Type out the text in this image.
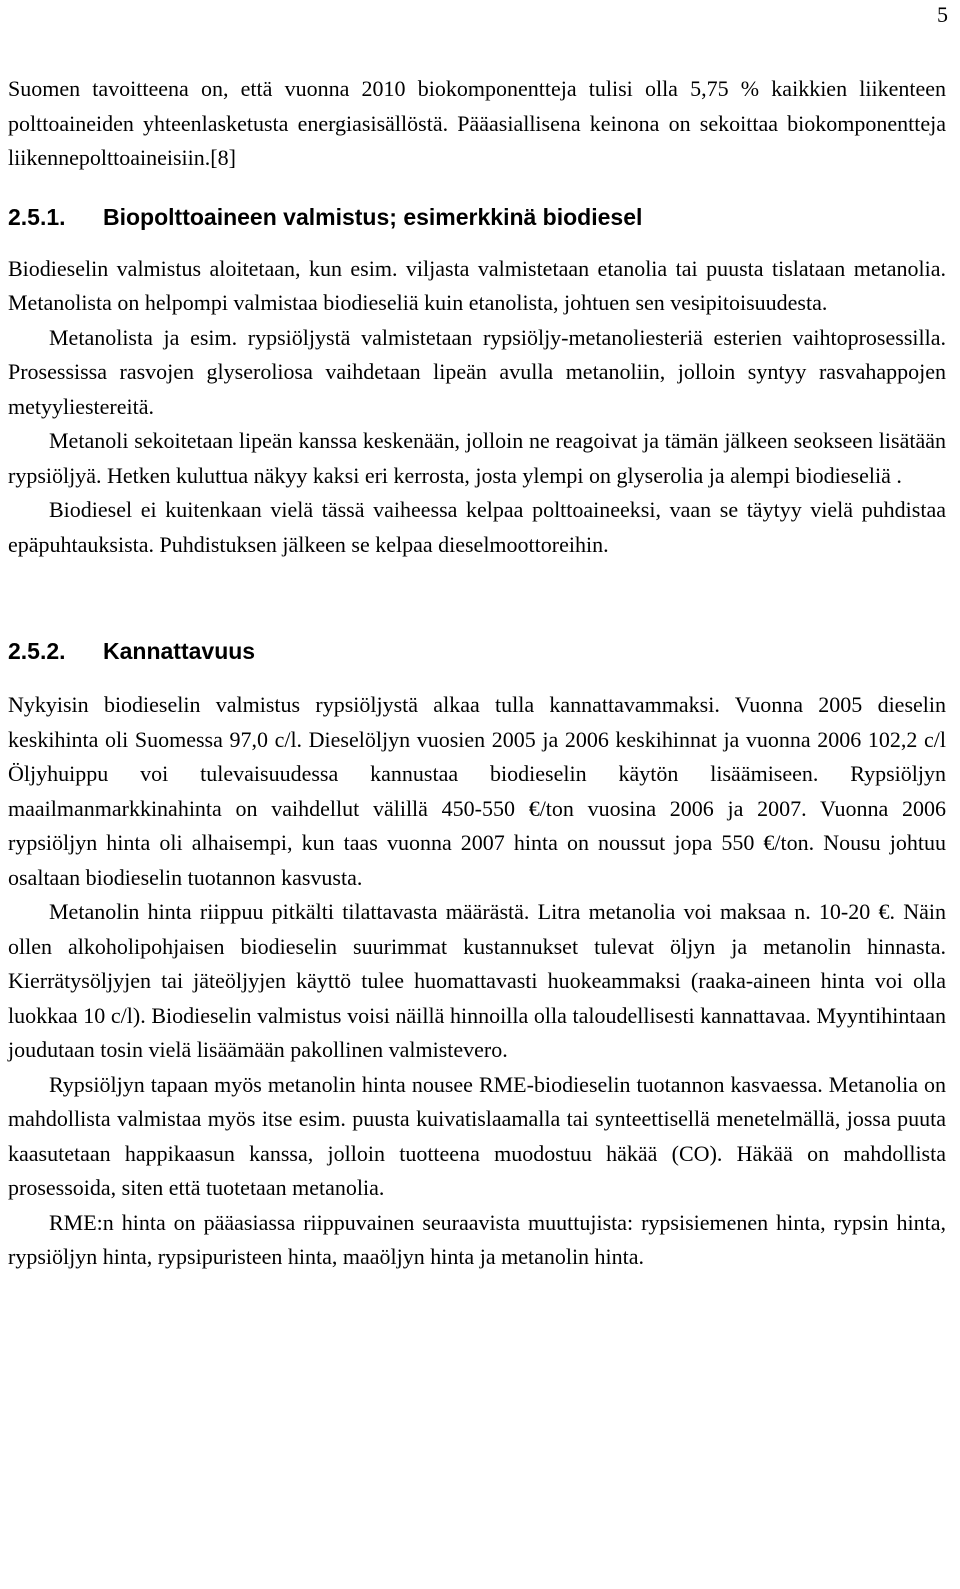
5

Suomen tavoitteena on, että vuonna 2010 biokomponentteja tulisi olla 5,75 % kaikkien liikenteen polttoaineiden yhteenlasketusta energiasisällöstä. Pääasiallisena keinona on sekoittaa biokomponentteja liikennepolttoaineisiin.[8]

2.5.1.	Biopolttoaineen valmistus; esimerkkinä biodiesel

Biodieselin valmistus aloitetaan, kun esim. viljasta valmistetaan etanolia tai puusta tislataan metanolia. Metanolista on helpompi valmistaa biodieseliä kuin etanolista, johtuen sen vesipitoisuudesta.

Metanolista ja esim. rypsiöljystä valmistetaan rypsiöljy-metanoliesteriä esterien vaihtoprosessilla. Prosessissa rasvojen glyseroliosa vaihdetaan lipeän avulla metanoliin, jolloin syntyy rasvahappojen metyyliestereitä.

Metanoli sekoitetaan lipeän kanssa keskenään, jolloin ne reagoivat ja tämän jälkeen seokseen lisätään rypsiöljyä. Hetken kuluttua näkyy kaksi eri kerrosta, josta ylempi on glyserolia ja alempi biodieseliä .

Biodiesel ei kuitenkaan vielä tässä vaiheessa kelpaa polttoaineeksi, vaan se täytyy vielä puhdistaa epäpuhtauksista. Puhdistuksen jälkeen se kelpaa dieselmoottoreihin.

2.5.2.	Kannattavuus

Nykyisin biodieselin valmistus rypsiöljystä alkaa tulla kannattavammaksi. Vuonna 2005 dieselin keskihinta oli Suomessa 97,0 c/l. Dieselöljyn vuosien 2005 ja 2006 keskihinnat ja vuonna 2006 102,2 c/l Öljyhuippu voi tulevaisuudessa kannustaa biodieselin käytön lisäämiseen. Rypsiöljyn maailmanmarkkinahinta on vaihdellut välillä 450-550 €/ton vuosina 2006 ja 2007. Vuonna 2006 rypsiöljyn hinta oli alhaisempi, kun taas vuonna 2007 hinta on noussut jopa 550 €/ton. Nousu johtuu osaltaan biodieselin tuotannon kasvusta.

Metanolin hinta riippuu pitkälti tilattavasta määrästä. Litra metanolia voi maksaa n. 10-20 €. Näin ollen alkoholipohjaisen biodieselin suurimmat kustannukset tulevat öljyn ja metanolin hinnasta. Kierrätysöljyjen tai jäteöljyjen käyttö tulee huomattavasti huokeammaksi (raaka-aineen hinta voi olla luokkaa 10 c/l). Biodieselin valmistus voisi näillä hinnoilla olla taloudellisesti kannattavaa. Myyntihintaan joudutaan tosin vielä lisäämään pakollinen valmistevero.

Rypsiöljyn tapaan myös metanolin hinta nousee RME-biodieselin tuotannon kasvaessa. Metanolia on mahdollista valmistaa myös itse esim. puusta kuivatislaamalla tai synteettisellä menetelmällä, jossa puuta kaasutetaan happikaasun kanssa, jolloin tuotteena muodostuu häkää (CO). Häkää on mahdollista prosessoida, siten että tuotetaan metanolia.

RME:n hinta on pääasiassa riippuvainen seuraavista muuttujista: rypsisiemenen hinta, rypsin hinta, rypsiöljyn hinta, rypsipuristeen hinta, maaöljyn hinta ja metanolin hinta.
